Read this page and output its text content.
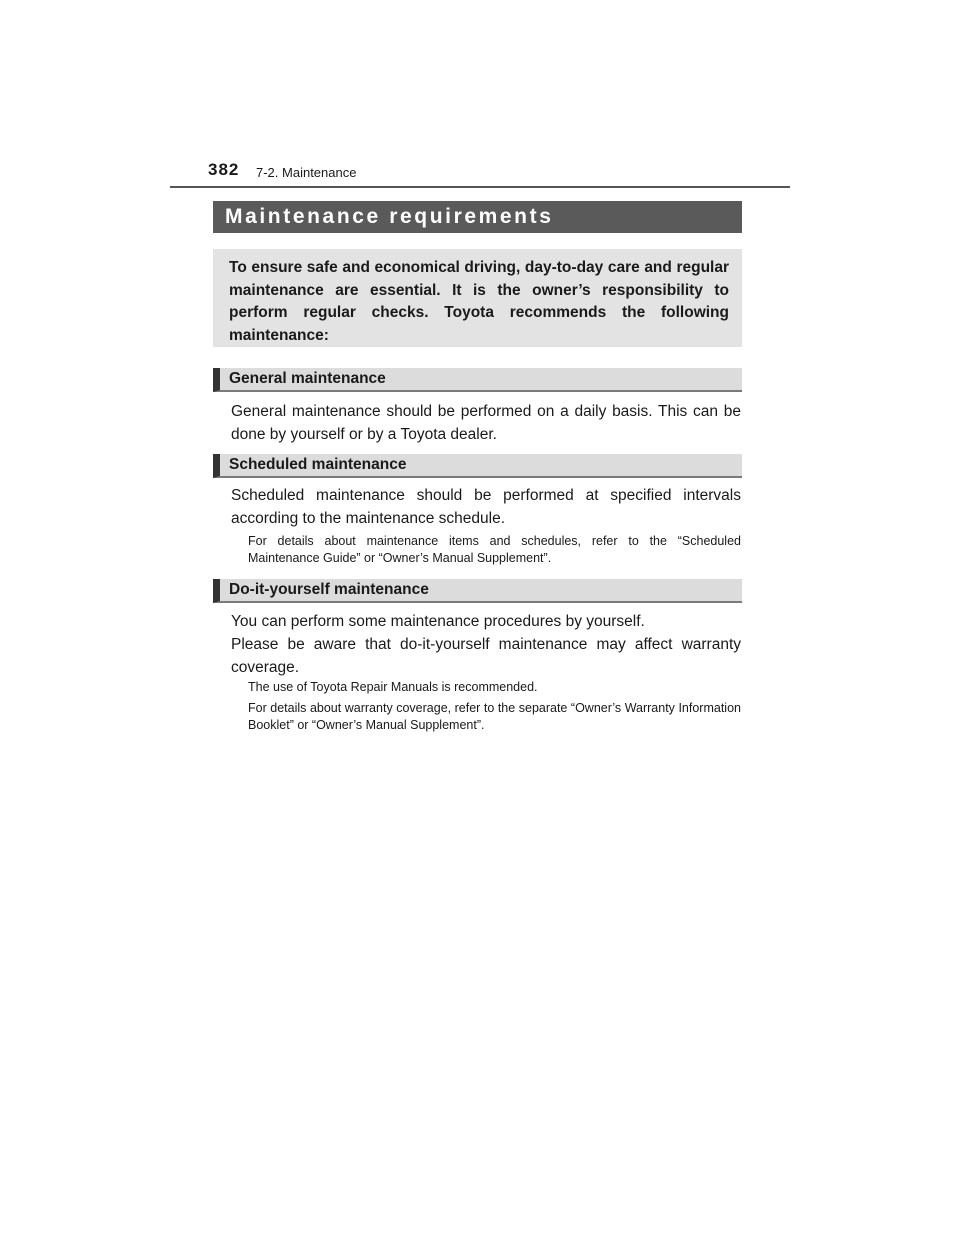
382 7-2. Maintenance
Maintenance requirements
To ensure safe and economical driving, day-to-day care and regular maintenance are essential. It is the owner’s responsibility to perform regular checks. Toyota recommends the following maintenance:
General maintenance

General maintenance should be performed on a daily basis. This can be done by yourself or by a Toyota dealer.

Scheduled maintenance

Scheduled maintenance should be performed at specified intervals according to the maintenance schedule.

For details about maintenance items and schedules, refer to the “Scheduled Maintenance Guide” or “Owner’s Manual Supplement”.

Do-it-yourself maintenance

You can perform some maintenance procedures by yourself.

Please be aware that do-it-yourself maintenance may affect warranty coverage.

The use of Toyota Repair Manuals is recommended.

For details about warranty coverage, refer to the separate “Owner’s Warranty Information Booklet” or “Owner’s Manual Supplement”.
